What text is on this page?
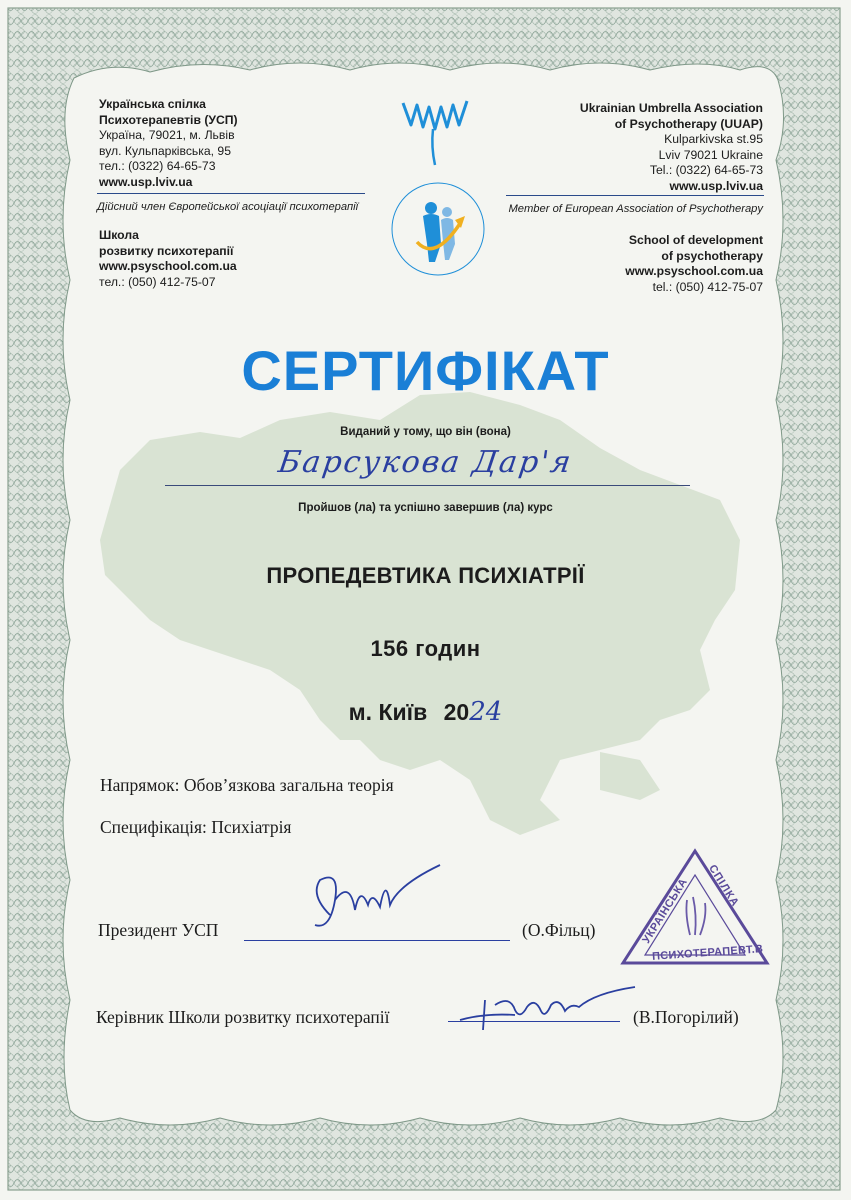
Українська спілка
Психотерапевтів (УСП)
Україна, 79021, м. Львів
вул. Кульпарківська, 95
тел.: (0322) 64-65-73
www.usp.lviv.ua
Дійсний член Європейської асоціації психотерапії
Школа
розвитку психотерапії
www.psyschool.com.ua
тел.: (050) 412-75-07
Ukrainian Umbrella Association
of Psychotherapy (UUAP)
Kulparkivska st.95
Lviv 79021 Ukraine
Tel.: (0322) 64-65-73
www.usp.lviv.ua
Member of European Association of Psychotherapy
School of development
of psychotherapy
www.psyschool.com.ua
tel.: (050) 412-75-07
СЕРТИФІКАТ
Виданий у тому, що він (вона)
Барсукова Дар'я
Пройшов (ла) та успішно завершив (ла) курс
ПРОПЕДЕВТИКА ПСИХІАТРІЇ
156 годин
м. Київ 2024
Напрямок: Обов’язкова загальна теорія
Специфікація: Психіатрія
Президент УСП	(О.Фільц)
Керівник Школи розвитку психотерапії	(В.Погорілий)
УКРАЇНСЬКА СПІЛКА
ПСИХОТЕРАПЕВТ.В
